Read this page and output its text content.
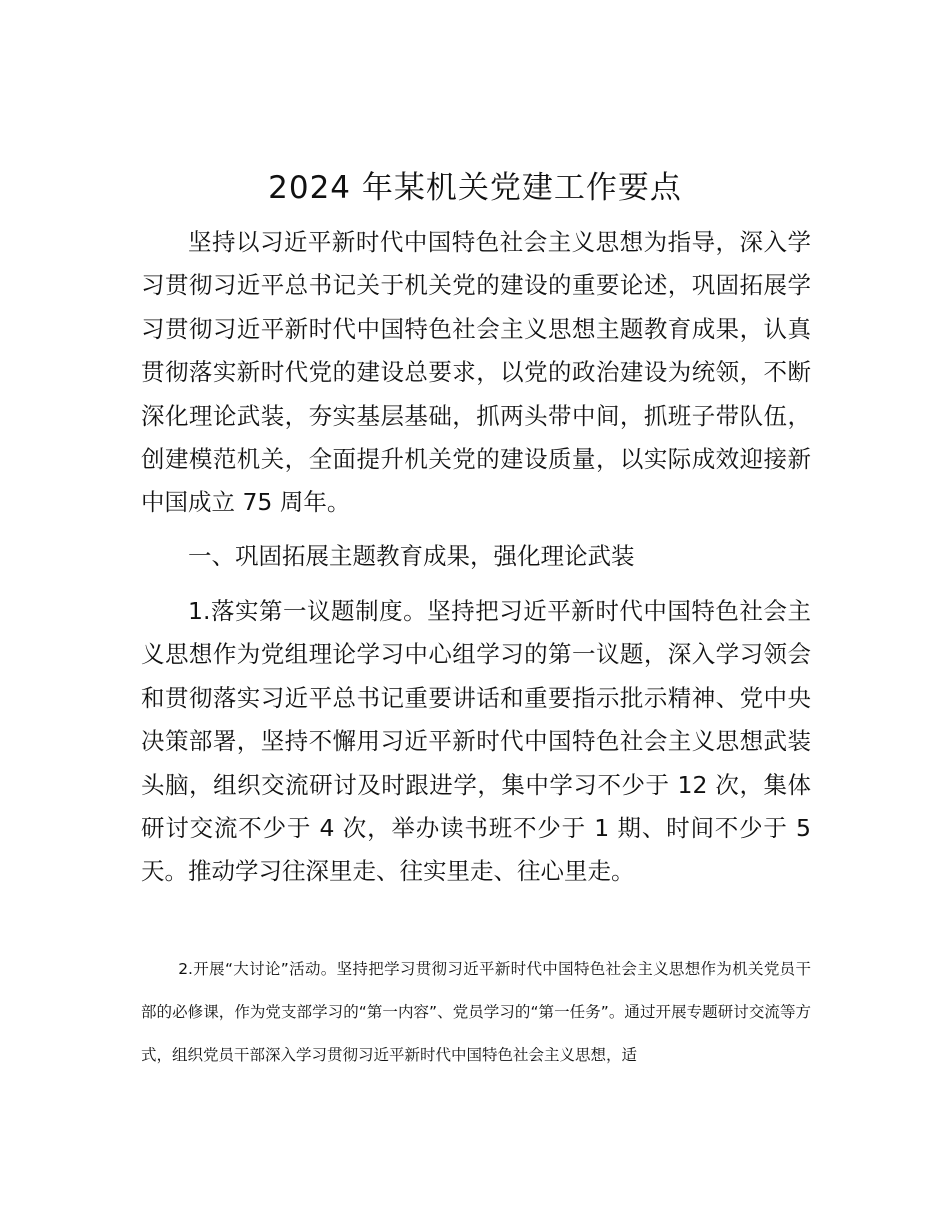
2024 年某机关党建工作要点

坚持以习近平新时代中国特色社会主义思想为指导，深入学习贯彻习近平总书记关于机关党的建设的重要论述，巩固拓展学习贯彻习近平新时代中国特色社会主义思想主题教育成果，认真贯彻落实新时代党的建设总要求，以党的政治建设为统领，不断深化理论武装，夯实基层基础，抓两头带中间，抓班子带队伍，创建模范机关，全面提升机关党的建设质量，以实际成效迎接新中国成立 75 周年。

一、巩固拓展主题教育成果，强化理论武装

1.落实第一议题制度。坚持把习近平新时代中国特色社会主义思想作为党组理论学习中心组学习的第一议题，深入学习领会和贯彻落实习近平总书记重要讲话和重要指示批示精神、党中央决策部署，坚持不懈用习近平新时代中国特色社会主义思想武装头脑，组织交流研讨及时跟进学，集中学习不少于 12 次，集体研讨交流不少于 4 次，举办读书班不少于 1 期、时间不少于 5 天。推动学习往深里走、往实里走、往心里走。

2.开展“大讨论”活动。坚持把学习贯彻习近平新时代中国特色社会主义思想作为机关党员干部的必修课，作为党支部学习的“第一内容”、党员学习的“第一任务”。通过开展专题研讨交流等方式，组织党员干部深入学习贯彻习近平新时代中国特色社会主义思想，适
